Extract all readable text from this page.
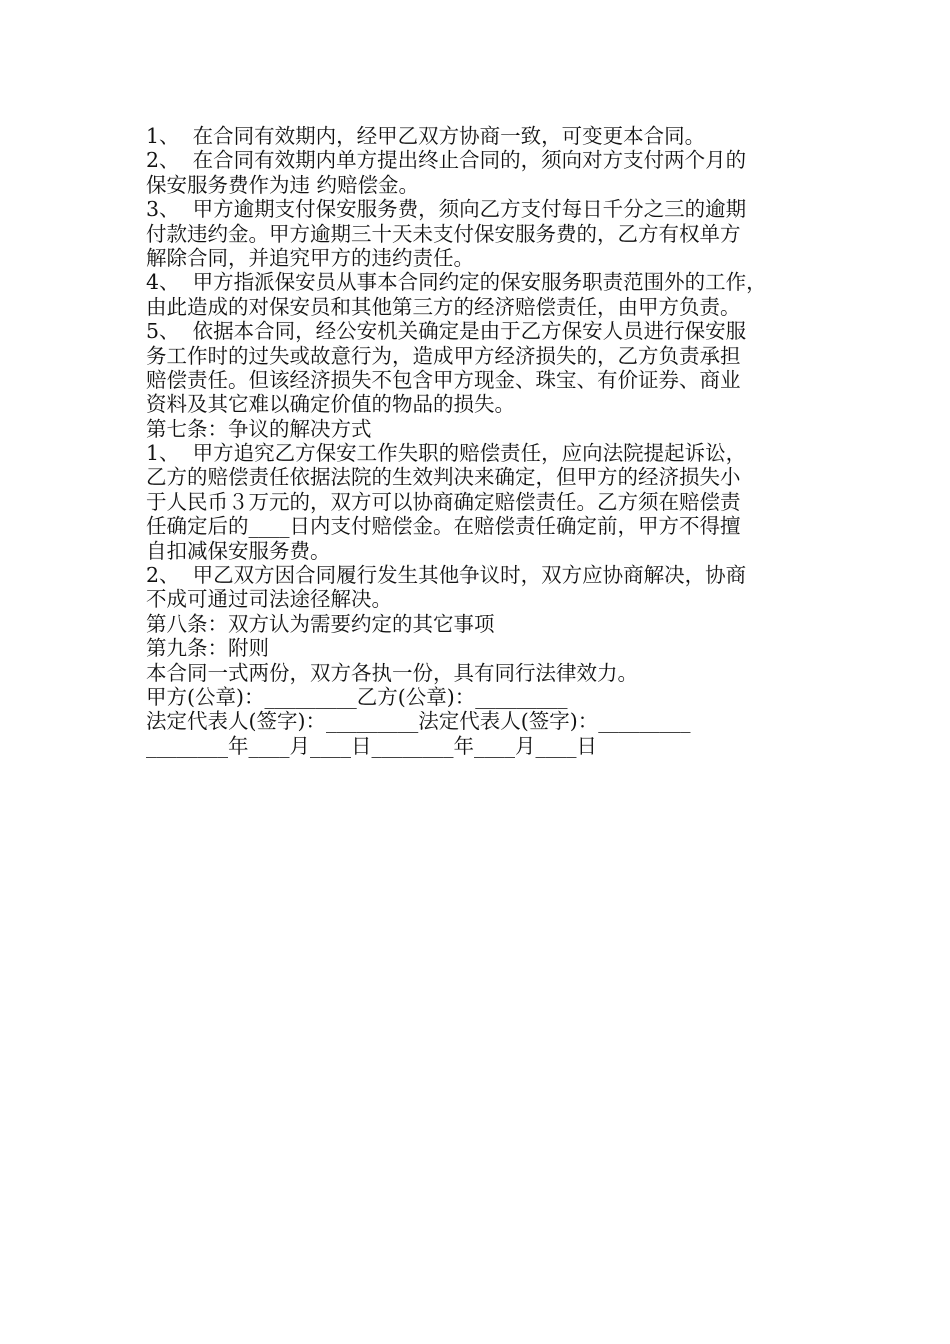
1、  在合同有效期内，经甲乙双方协商一致，可变更本合同。
2、  在合同有效期内单方提出终止合同的，须向对方支付两个月的
保安服务费作为违 约赔偿金。
3、  甲方逾期支付保安服务费，须向乙方支付每日千分之三的逾期
付款违约金。甲方逾期三十天未支付保安服务费的，乙方有权单方
解除合同，并追究甲方的违约责任。
4、  甲方指派保安员从事本合同约定的保安服务职责范围外的工作，
由此造成的对保安员和其他第三方的经济赔偿责任，由甲方负责。
5、  依据本合同，经公安机关确定是由于乙方保安人员进行保安服
务工作时的过失或故意行为，造成甲方经济损失的，乙方负责承担
赔偿责任。但该经济损失不包含甲方现金、珠宝、有价证券、商业
资料及其它难以确定价值的物品的损失。
第七条：争议的解决方式
1、  甲方追究乙方保安工作失职的赔偿责任，应向法院提起诉讼，
乙方的赔偿责任依据法院的生效判决来确定，但甲方的经济损失小
于人民币３万元的，双方可以协商确定赔偿责任。乙方须在赔偿责
任确定后的____日内支付赔偿金。在赔偿责任确定前，甲方不得擅
自扣减保安服务费。
2、  甲乙双方因合同履行发生其他争议时，双方应协商解决，协商
不成可通过司法途径解决。
第八条：双方认为需要约定的其它事项
第九条：附则
本合同一式两份，双方各执一份，具有同行法律效力。
甲方(公章)：_________乙方(公章)：_________
法定代表人(签字)：_________法定代表人(签字)：_________
________年____月____日________年____月____日
